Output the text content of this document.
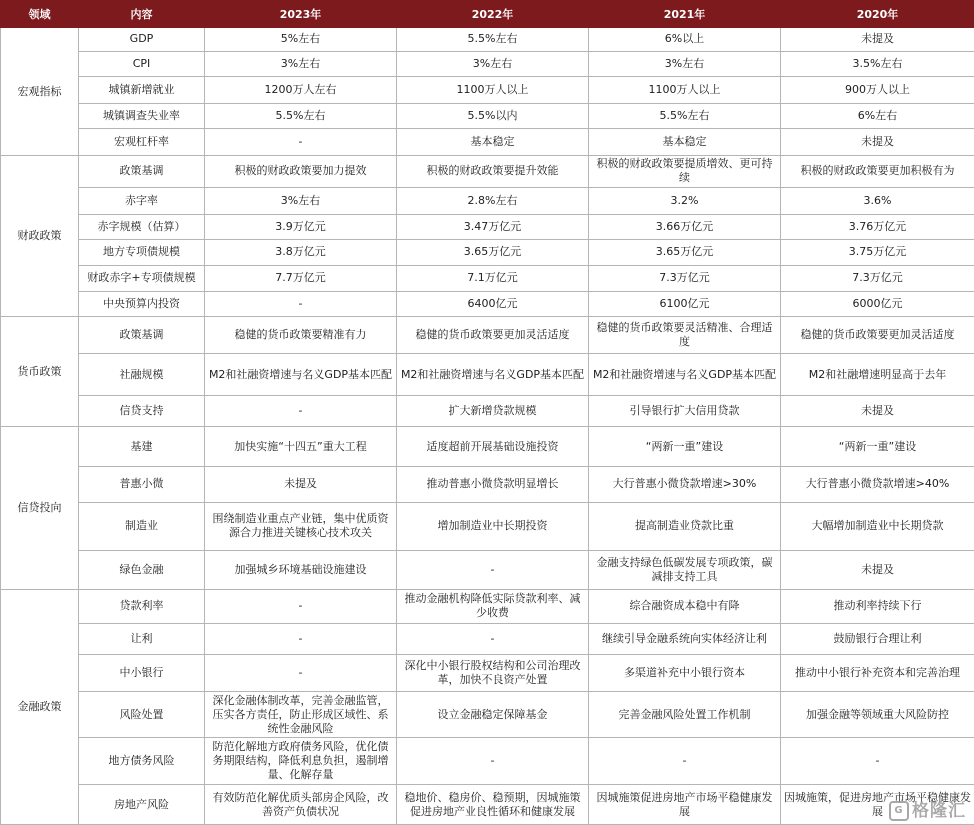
领域	内容	2023年	2022年	2021年	2020年
宏观指标	GDP	5%左右	5.5%左右	6%以上	未提及
	CPI	3%左右	3%左右	3%左右	3.5%左右
	城镇新增就业	1200万人左右	1100万人以上	1100万人以上	900万人以上
	城镇调查失业率	5.5%左右	5.5%以内	5.5%左右	6%左右
	宏观杠杆率	-	基本稳定	基本稳定	未提及
财政政策	政策基调	积极的财政政策要加力提效	积极的财政政策要提升效能	积极的财政政策要提质增效、更可持续	积极的财政政策要更加积极有为
	赤字率	3%左右	2.8%左右	3.2%	3.6%
	赤字规模（估算）	3.9万亿元	3.47万亿元	3.66万亿元	3.76万亿元
	地方专项债规模	3.8万亿元	3.65万亿元	3.65万亿元	3.75万亿元
	财政赤字+专项债规模	7.7万亿元	7.1万亿元	7.3万亿元	7.3万亿元
	中央预算内投资	-	6400亿元	6100亿元	6000亿元
货币政策	政策基调	稳健的货币政策要精准有力	稳健的货币政策要更加灵活适度	稳健的货币政策要灵活精准、合理适度	稳健的货币政策要更加灵活适度
	社融规模	M2和社融资增速与名义GDP基本匹配	M2和社融资增速与名义GDP基本匹配	M2和社融资增速与名义GDP基本匹配	M2和社融增速明显高于去年
	信贷支持	-	扩大新增贷款规模	引导银行扩大信用贷款	未提及
信贷投向	基建	加快实施“十四五”重大工程	适度超前开展基础设施投资	“两新一重”建设	“两新一重”建设
	普惠小微	未提及	推动普惠小微贷款明显增长	大行普惠小微贷款增速>30%	大行普惠小微贷款增速>40%
	制造业	围绕制造业重点产业链，集中优质资源合力推进关键核心技术攻关	增加制造业中长期投资	提高制造业贷款比重	大幅增加制造业中长期贷款
	绿色金融	加强城乡环境基础设施建设	-	金融支持绿色低碳发展专项政策，碳减排支持工具	未提及
金融政策	贷款利率	-	推动金融机构降低实际贷款利率、减少收费	综合融资成本稳中有降	推动利率持续下行
	让利	-	-	继续引导金融系统向实体经济让利	鼓励银行合理让利
	中小银行	-	深化中小银行股权结构和公司治理改革，加快不良资产处置	多渠道补充中小银行资本	推动中小银行补充资本和完善治理
	风险处置	深化金融体制改革，完善金融监管，压实各方责任，防止形成区域性、系统性金融风险	设立金融稳定保障基金	完善金融风险处置工作机制	加强金融等领域重大风险防控
	地方债务风险	防范化解地方政府债务风险，优化债务期限结构，降低利息负担，遏制增量、化解存量	-	-	-
	房地产风险	有效防范化解优质头部房企风险，改善资产负债状况	稳地价、稳房价、稳预期，因城施策促进房地产业良性循环和健康发展	因城施策促进房地产市场平稳健康发展	因城施策，促进房地产市场平稳健康发展	G 格隆汇
